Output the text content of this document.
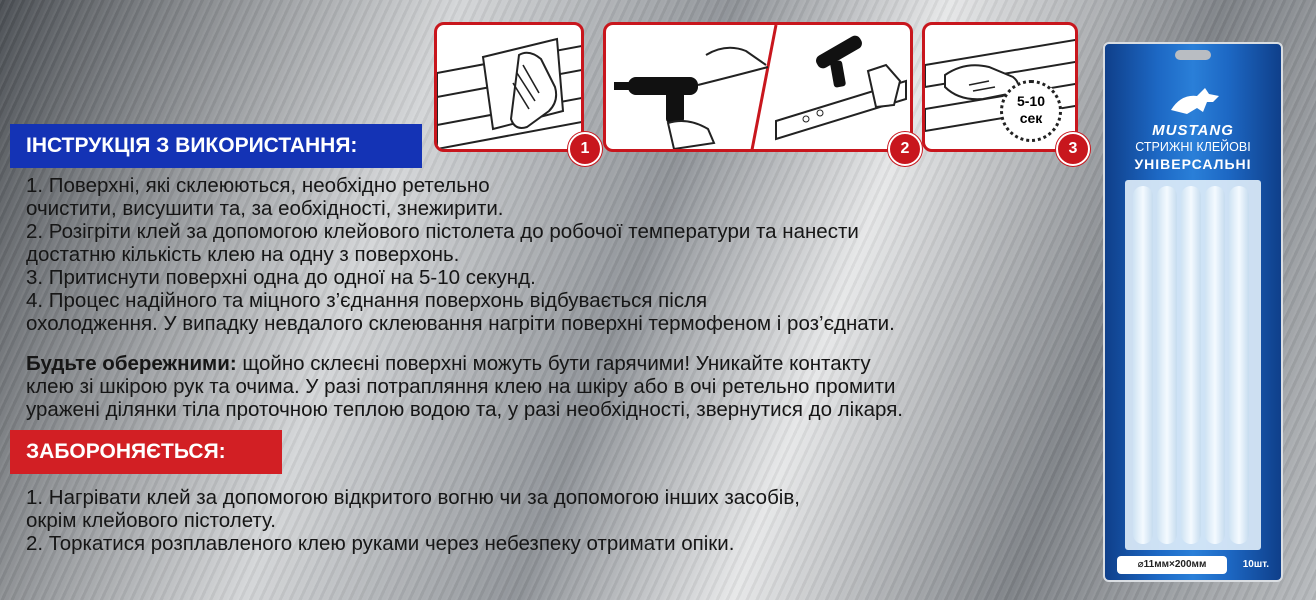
5-10
сек
1	2	3
ІНСТРУКЦІЯ З ВИКОРИСТАННЯ:

1. Поверхні, які склеюються, необхідно ретельно

очистити, висушити та, за еобхідності, знежирити.

2. Розігріти клей за допомогою клейового пістолета до робочої температури та нанести

достатню кількість клею на одну з поверхонь.

3. Притиснути поверхні одна до одної на 5-10 секунд.

4. Процес надійного та міцного з’єднання поверхонь відбувається після

охолодження. У випадку невдалого склеювання нагріти поверхні термофеном і роз’єднати.

Будьте обережними: щойно склеєні поверхні можуть бути гарячими! Уникайте контакту

клею зі шкірою рук та очима. У разі потрапляння клею на шкіру або в очі ретельно промити

уражені ділянки тіла проточною теплою водою та, у разі необхідності, звернутися до лікаря.

ЗАБОРОНЯЄТЬСЯ:

1. Нагрівати клей за допомогою відкритого вогню чи за допомогою інших засобів,

окрім клейового пістолету.

2. Торкатися розплавленого клею руками через небезпеку отримати опіки.

MUSTANG
СТРИЖНІ КЛЕЙОВІ
УНІВЕРСАЛЬНІ
⌀11мм×200мм	10шт.
